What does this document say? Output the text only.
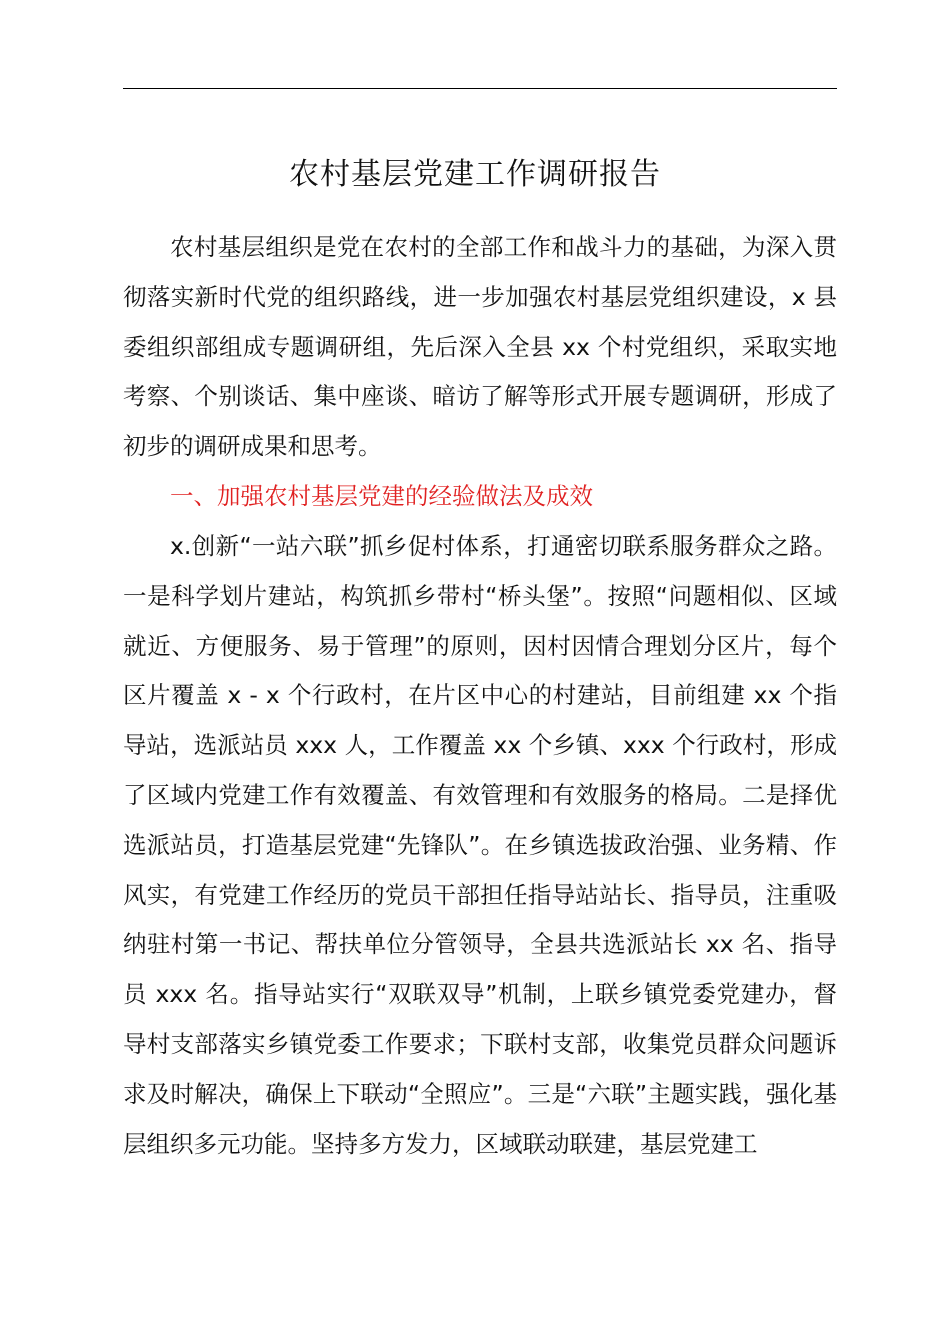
农村基层党建工作调研报告

农村基层组织是党在农村的全部工作和战斗力的基础，为深入贯彻落实新时代党的组织路线，进一步加强农村基层党组织建设，x 县委组织部组成专题调研组，先后深入全县 xx 个村党组织，采取实地考察、个别谈话、集中座谈、暗访了解等形式开展专题调研，形成了初步的调研成果和思考。

一、加强农村基层党建的经验做法及成效

x.创新“一站六联”抓乡促村体系，打通密切联系服务群众之路。一是科学划片建站，构筑抓乡带村“桥头堡”。按照“问题相似、区域就近、方便服务、易于管理”的原则，因村因情合理划分区片，每个区片覆盖 x - x 个行政村，在片区中心的村建站，目前组建 xx 个指导站，选派站员 xxx 人，工作覆盖 xx 个乡镇、xxx 个行政村，形成了区域内党建工作有效覆盖、有效管理和有效服务的格局。二是择优选派站员，打造基层党建“先锋队”。在乡镇选拔政治强、业务精、作风实，有党建工作经历的党员干部担任指导站站长、指导员，注重吸纳驻村第一书记、帮扶单位分管领导，全县共选派站长 xx 名、指导员 xxx 名。指导站实行“双联双导”机制，上联乡镇党委党建办，督导村支部落实乡镇党委工作要求；下联村支部，收集党员群众问题诉求及时解决，确保上下联动“全照应”。三是“六联”主题实践，强化基层组织多元功能。坚持多方发力，区域联动联建，基层党建工
